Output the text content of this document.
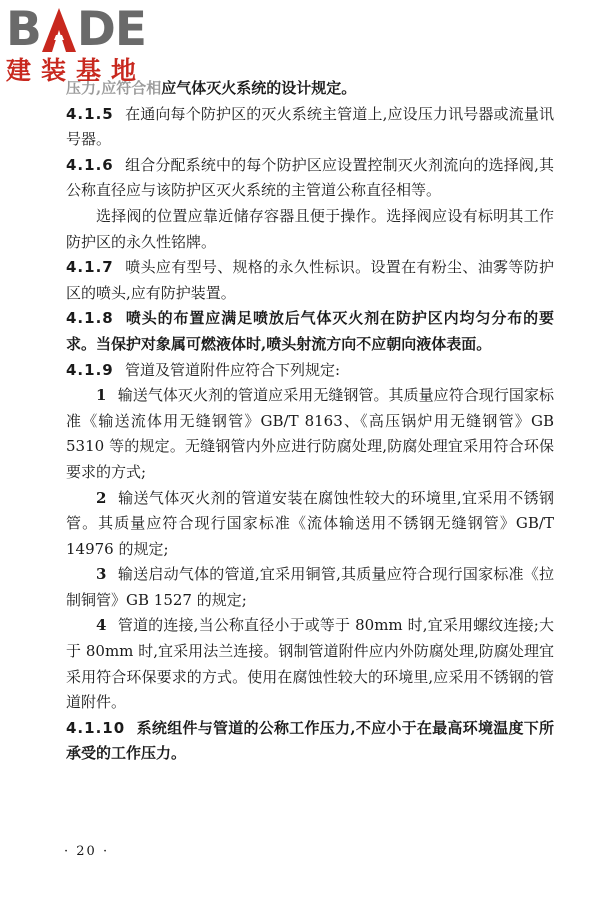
B DE
建装基地

压力,应符合相应气体灭火系统的设计规定。

4.1.5 在通向每个防护区的灭火系统主管道上,应设压力讯号器或流量讯号器。

4.1.6 组合分配系统中的每个防护区应设置控制灭火剂流向的选择阀,其公称直径应与该防护区灭火系统的主管道公称直径相等。

选择阀的位置应靠近储存容器且便于操作。选择阀应设有标明其工作防护区的永久性铭牌。

4.1.7 喷头应有型号、规格的永久性标识。设置在有粉尘、油雾等防护区的喷头,应有防护装置。

4.1.8 喷头的布置应满足喷放后气体灭火剂在防护区内均匀分布的要求。当保护对象属可燃液体时,喷头射流方向不应朝向液体表面。

4.1.9 管道及管道附件应符合下列规定:

1 输送气体灭火剂的管道应采用无缝钢管。其质量应符合现行国家标准《输送流体用无缝钢管》GB/T 8163、《高压锅炉用无缝钢管》GB 5310 等的规定。无缝钢管内外应进行防腐处理,防腐处理宜采用符合环保要求的方式;

2 输送气体灭火剂的管道安装在腐蚀性较大的环境里,宜采用不锈钢管。其质量应符合现行国家标准《流体输送用不锈钢无缝钢管》GB/T 14976 的规定;

3 输送启动气体的管道,宜采用铜管,其质量应符合现行国家标准《拉制铜管》GB 1527 的规定;

4 管道的连接,当公称直径小于或等于 80mm 时,宜采用螺纹连接;大于 80mm 时,宜采用法兰连接。钢制管道附件应内外防腐处理,防腐处理宜采用符合环保要求的方式。使用在腐蚀性较大的环境里,应采用不锈钢的管道附件。

4.1.10 系统组件与管道的公称工作压力,不应小于在最高环境温度下所承受的工作压力。

· 20 ·
